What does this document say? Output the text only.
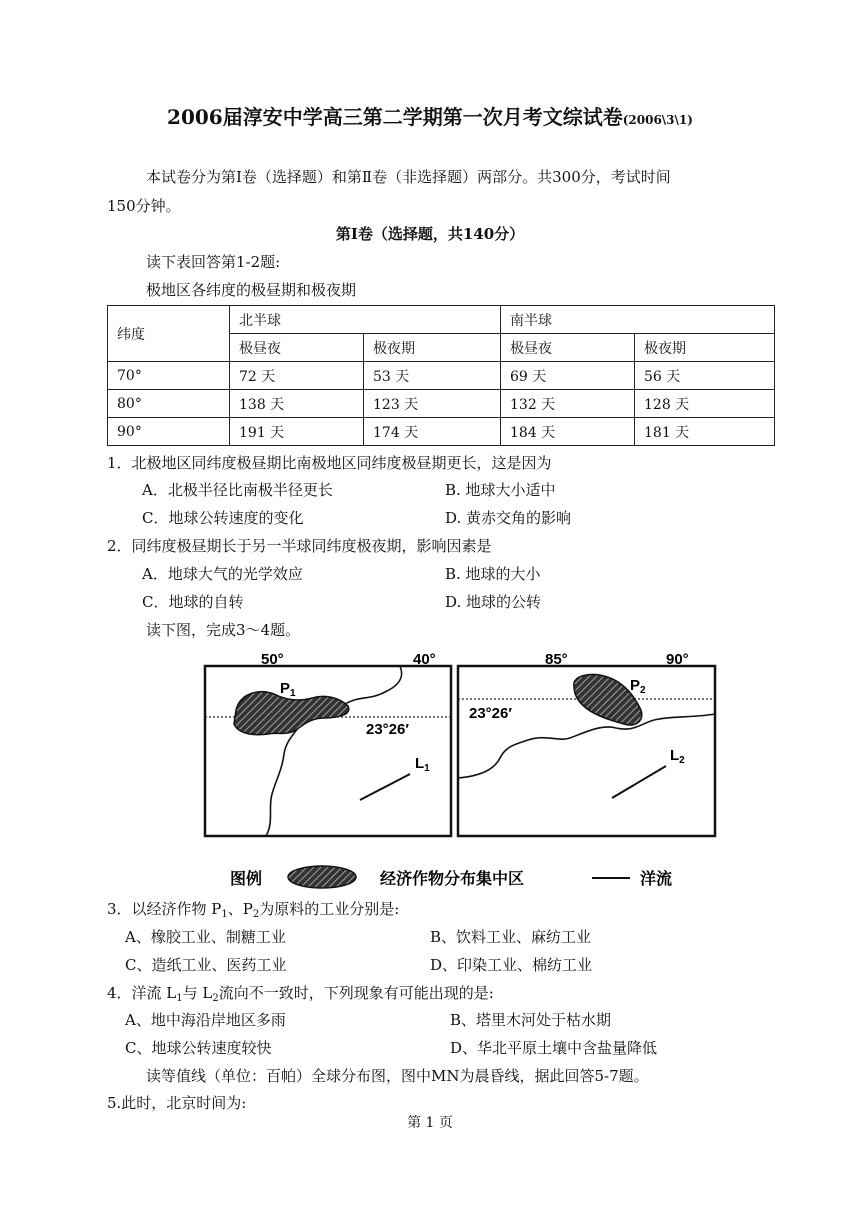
2006届淳安中学高三第二学期第一次月考文综试卷(2006\3\1)
本试卷分为第Ⅰ卷（选择题）和第Ⅱ卷（非选择题）两部分。共300分，考试时间
150分钟。
第Ⅰ卷（选择题，共140分）
读下表回答第1-2题:
极地区各纬度的极昼期和极夜期
纬度	北半球		南半球	
	极昼夜	极夜期	极昼夜	极夜期
70°	72 天	53 天	69 天	56 天
80°	138 天	123 天	132 天	128 天
90°	191 天	174 天	184 天	181 天
1．北极地区同纬度极昼期比南极地区同纬度极昼期更长，这是因为
A．北极半径比南极半径更长	B. 地球大小适中
C．地球公转速度的变化	D. 黄赤交角的影响
2．同纬度极昼期长于另一半球同纬度极夜期，影响因素是
A．地球大气的光学效应	B. 地球的大小
C．地球的自转	D. 地球的公转
读下图，完成3～4题。
50°	40°
23°26′
$P_1$
$L_1$
85°	90°
23°26′
$P_2$
$L_2$
图例	经济作物分布集中区	洋流
3．以经济作物 $P_1$、$P_2$为原料的工业分别是:
A、橡胶工业、制糖工业	B、饮料工业、麻纺工业
C、造纸工业、医药工业	D、印染工业、棉纺工业
4．洋流 $L_1$与 $L_2$流向不一致时，下列现象有可能出现的是:
A、地中海沿岸地区多雨	B、塔里木河处于枯水期
C、地球公转速度较快	D、华北平原土壤中含盐量降低
读等值线（单位：百帕）全球分布图，图中MN为晨昏线，据此回答5-7题。
5.此时，北京时间为:
第 1 页
